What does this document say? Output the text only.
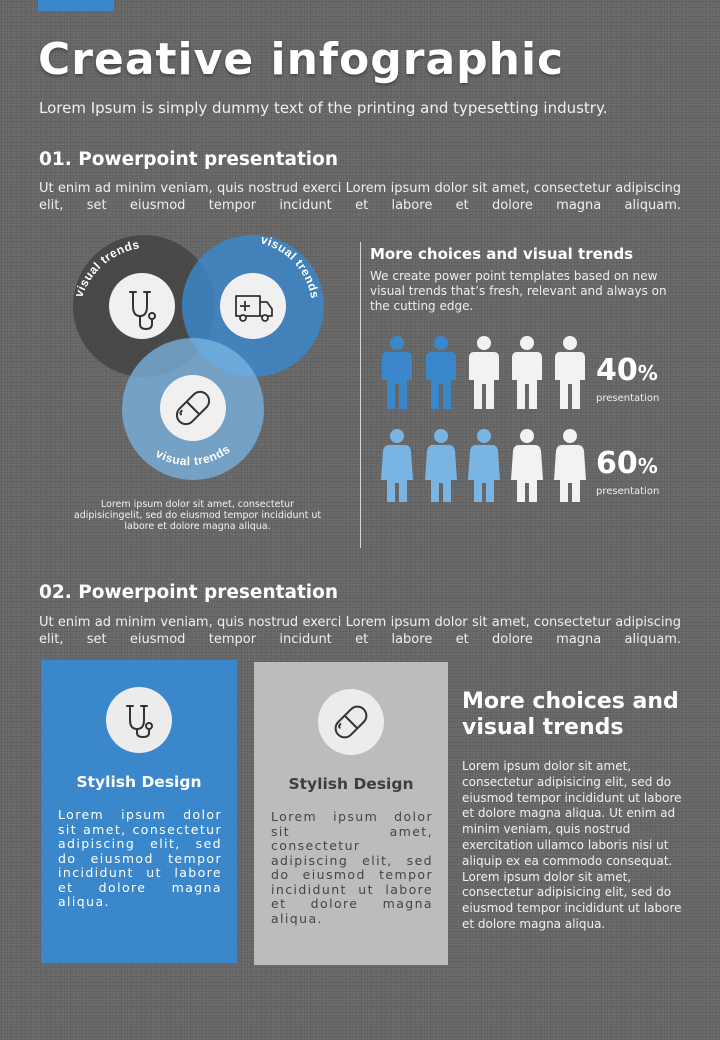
Creative infographic
Lorem Ipsum is simply dummy text of the printing and typesetting industry.
01. Powerpoint presentation
Ut enim ad minim veniam, quis nostrud exerci Lorem ipsum dolor sit amet, consectetur adipiscing elit, set eiusmod tempor incidunt et labore et dolore magna aliquam.
visual trends	visual trends
visual trends
Lorem ipsum dolor sit amet, consectetur adipisicingelit, sed do eiusmod tempor incididunt ut labore et dolore magna aliqua.
More choices and visual trends
We create power point templates based on new visual trends that’s fresh, relevant and always on the cutting edge.
40%
presentation
60%
presentation
02. Powerpoint presentation
Ut enim ad minim veniam, quis nostrud exerci Lorem ipsum dolor sit amet, consectetur adipiscing elit, set eiusmod tempor incidunt et labore et dolore magna aliquam.
Stylish Design
Lorem ipsum dolor sit amet, consectetur adipiscing elit, sed do eiusmod tempor incididunt ut labore et dolore magna aliqua.
Stylish Design
Lorem ipsum dolor sit amet, consectetur adipiscing elit, sed do eiusmod tempor incididunt ut labore et dolore magna aliqua.
More choices and visual trends

Lorem ipsum dolor sit amet, consectetur adipisicing elit, sed do eiusmod tempor incididunt ut labore et dolore magna aliqua. Ut enim ad minim veniam, quis nostrud exercitation ullamco laboris nisi ut aliquip ex ea commodo consequat.

Lorem ipsum dolor sit amet, consectetur adipisicing elit, sed do eiusmod tempor incididunt ut labore et dolore magna aliqua.
